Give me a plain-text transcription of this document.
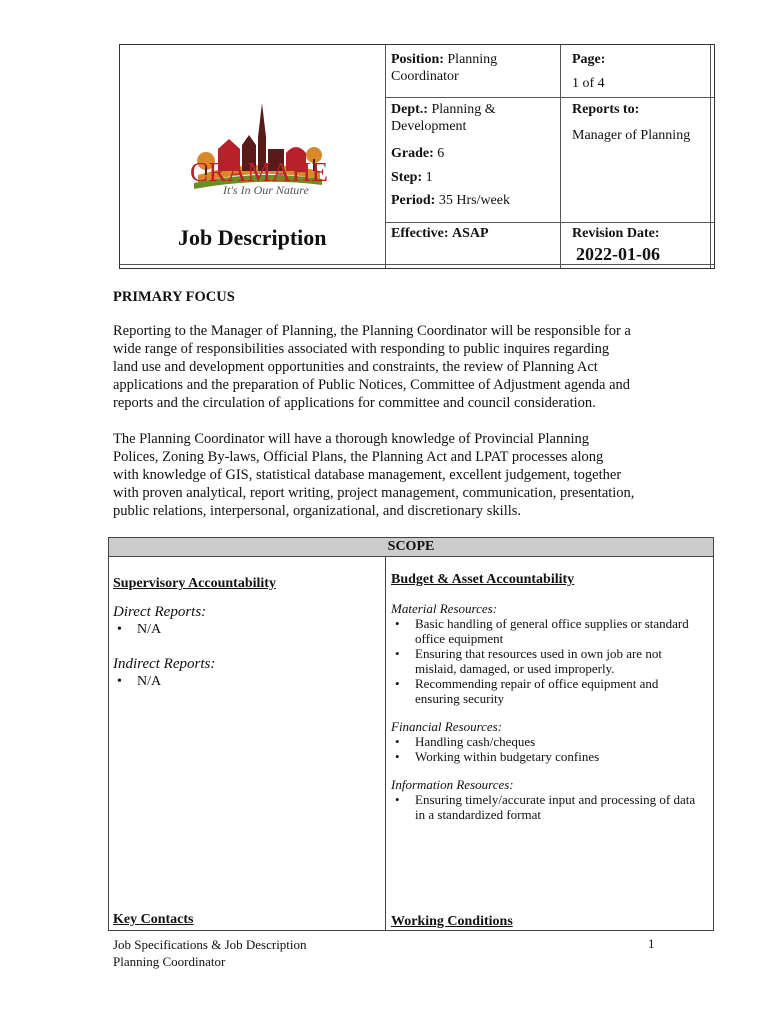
CRAMAHE
It's In Our Nature
Job Description
Position: Planning
Coordinator
Dept.: Planning &
Development
Grade: 6
Step: 1
Period: 35 Hrs/week
Effective: ASAP
Page:
1 of 4
Reports to:
Manager of Planning
Revision Date:
2022-01-06
PRIMARY FOCUS
Reporting to the Manager of Planning, the Planning Coordinator will be responsible for a
wide range of responsibilities associated with responding to public inquires regarding
land use and development opportunities and constraints, the review of Planning Act
applications and the preparation of Public Notices, Committee of Adjustment agenda and
reports and the circulation of applications for committee and council consideration.
The Planning Coordinator will have a thorough knowledge of Provincial Planning
Polices, Zoning By-laws, Official Plans, the Planning Act and LPAT processes along
with knowledge of GIS, statistical database management, excellent judgement, together
with proven analytical, report writing, project management, communication, presentation,
public relations, interpersonal, organizational, and discretionary skills.
SCOPE
Supervisory Accountability
Direct Reports:
• N/A
Indirect Reports:
• N/A
Key Contacts
Budget & Asset Accountability
Material Resources:
• Basic handling of general office supplies or standard
office equipment
• Ensuring that resources used in own job are not
mislaid, damaged, or used improperly.
• Recommending repair of office equipment and
ensuring security
Financial Resources:
• Handling cash/cheques
• Working within budgetary confines
Information Resources:
• Ensuring timely/accurate input and processing of data
in a standardized format
Working Conditions
Job Specifications & Job Description
Planning Coordinator
1
